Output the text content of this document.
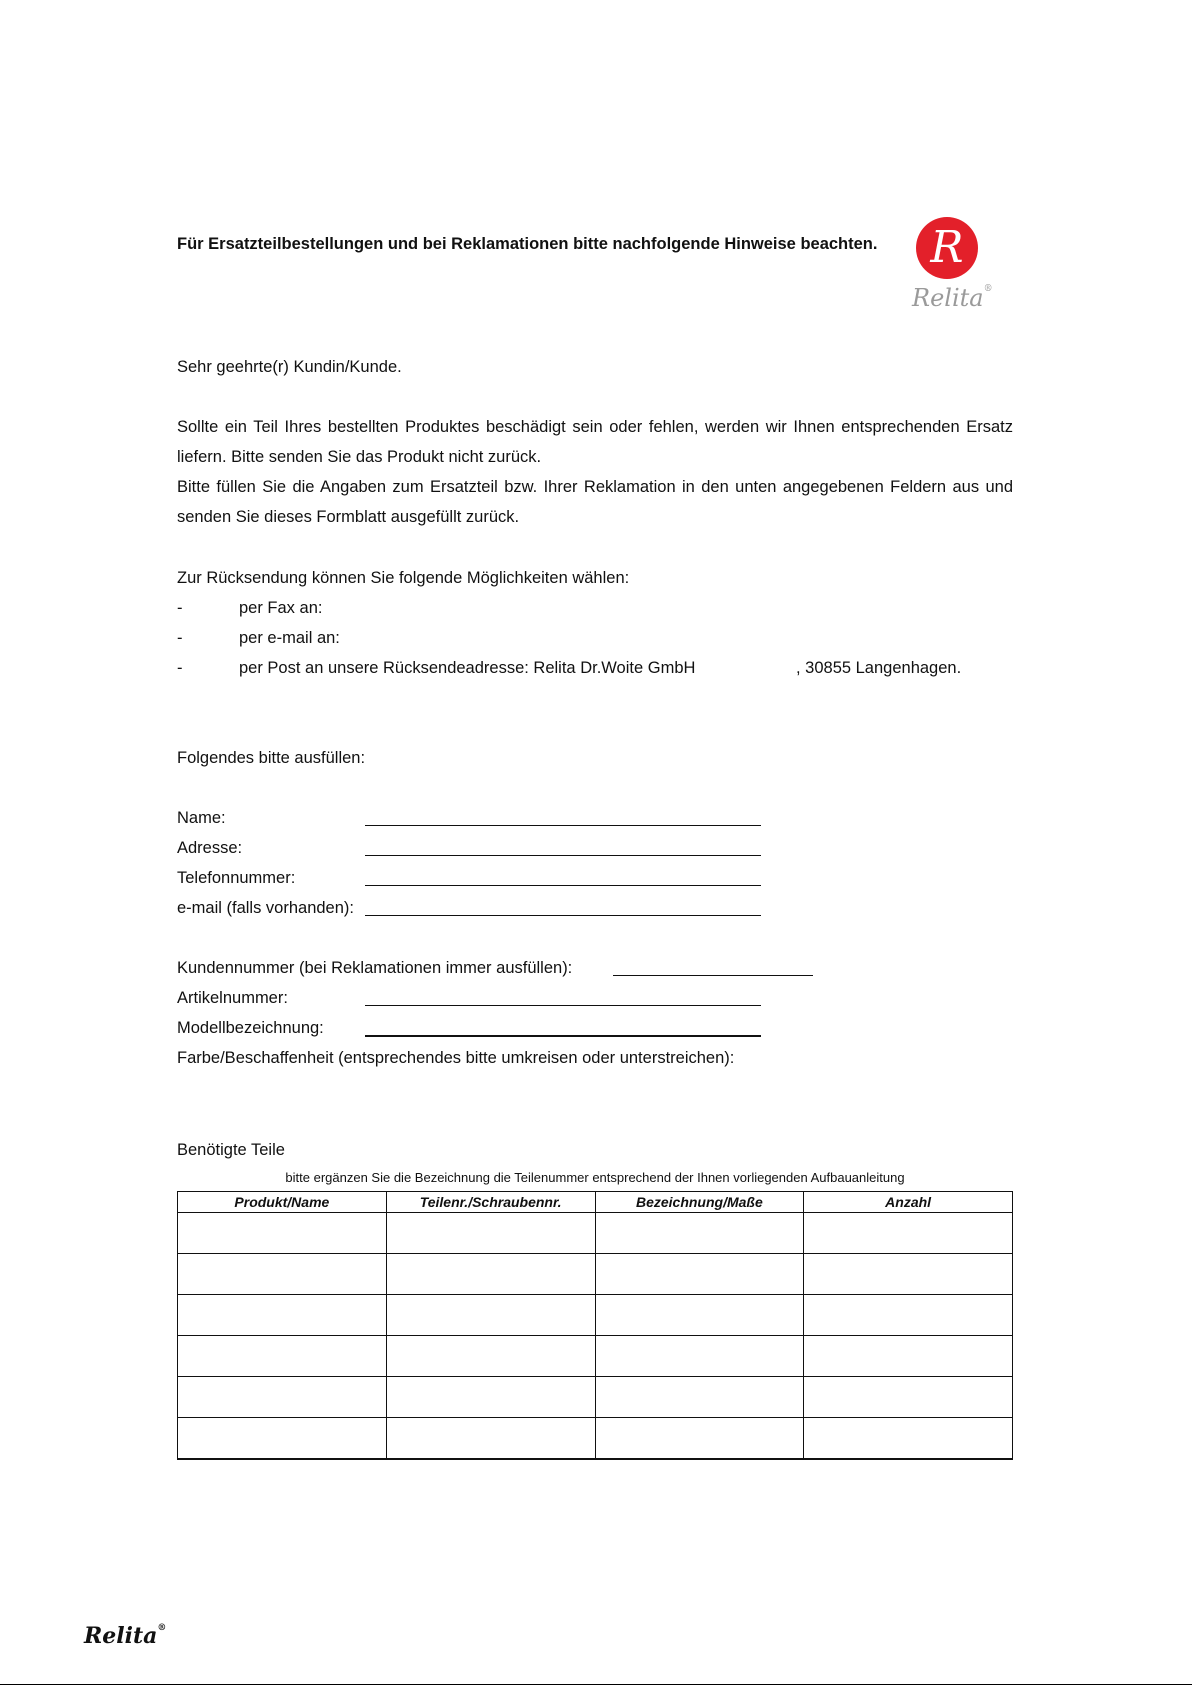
Für Ersatzteilbestellungen und bei Reklamationen bitte nachfolgende Hinweise beachten.	R
Relita®
Sehr geehrte(r) Kundin/Kunde.
Sollte ein Teil Ihres bestellten Produktes beschädigt sein oder fehlen, werden wir Ihnen entsprechenden Ersatz liefern. Bitte senden Sie das Produkt nicht zurück.
Bitte füllen Sie die Angaben zum Ersatzteil bzw. Ihrer Reklamation in den unten angegebenen Feldern aus und senden Sie dieses Formblatt ausgefüllt zurück.
Zur Rücksendung können Sie folgende Möglichkeiten wählen:
-	per Fax an:
-	per e-mail an:
-	per Post an unsere Rücksendeadresse: Relita Dr.Woite GmbH	, 30855 Langenhagen.
Folgendes bitte ausfüllen:
Name:
Adresse:
Telefonnummer:
e-mail (falls vorhanden):
Kundennummer (bei Reklamationen immer ausfüllen):
Artikelnummer:
Modellbezeichnung:
Farbe/Beschaffenheit (entsprechendes bitte umkreisen oder unterstreichen):
Benötigte Teile
bitte ergänzen Sie die Bezeichnung die Teilenummer entsprechend der Ihnen vorliegenden Aufbauanleitung
Produkt/Name	Teilenr./Schraubennr.	Bezeichnung/Maße	Anzahl

Relita®
